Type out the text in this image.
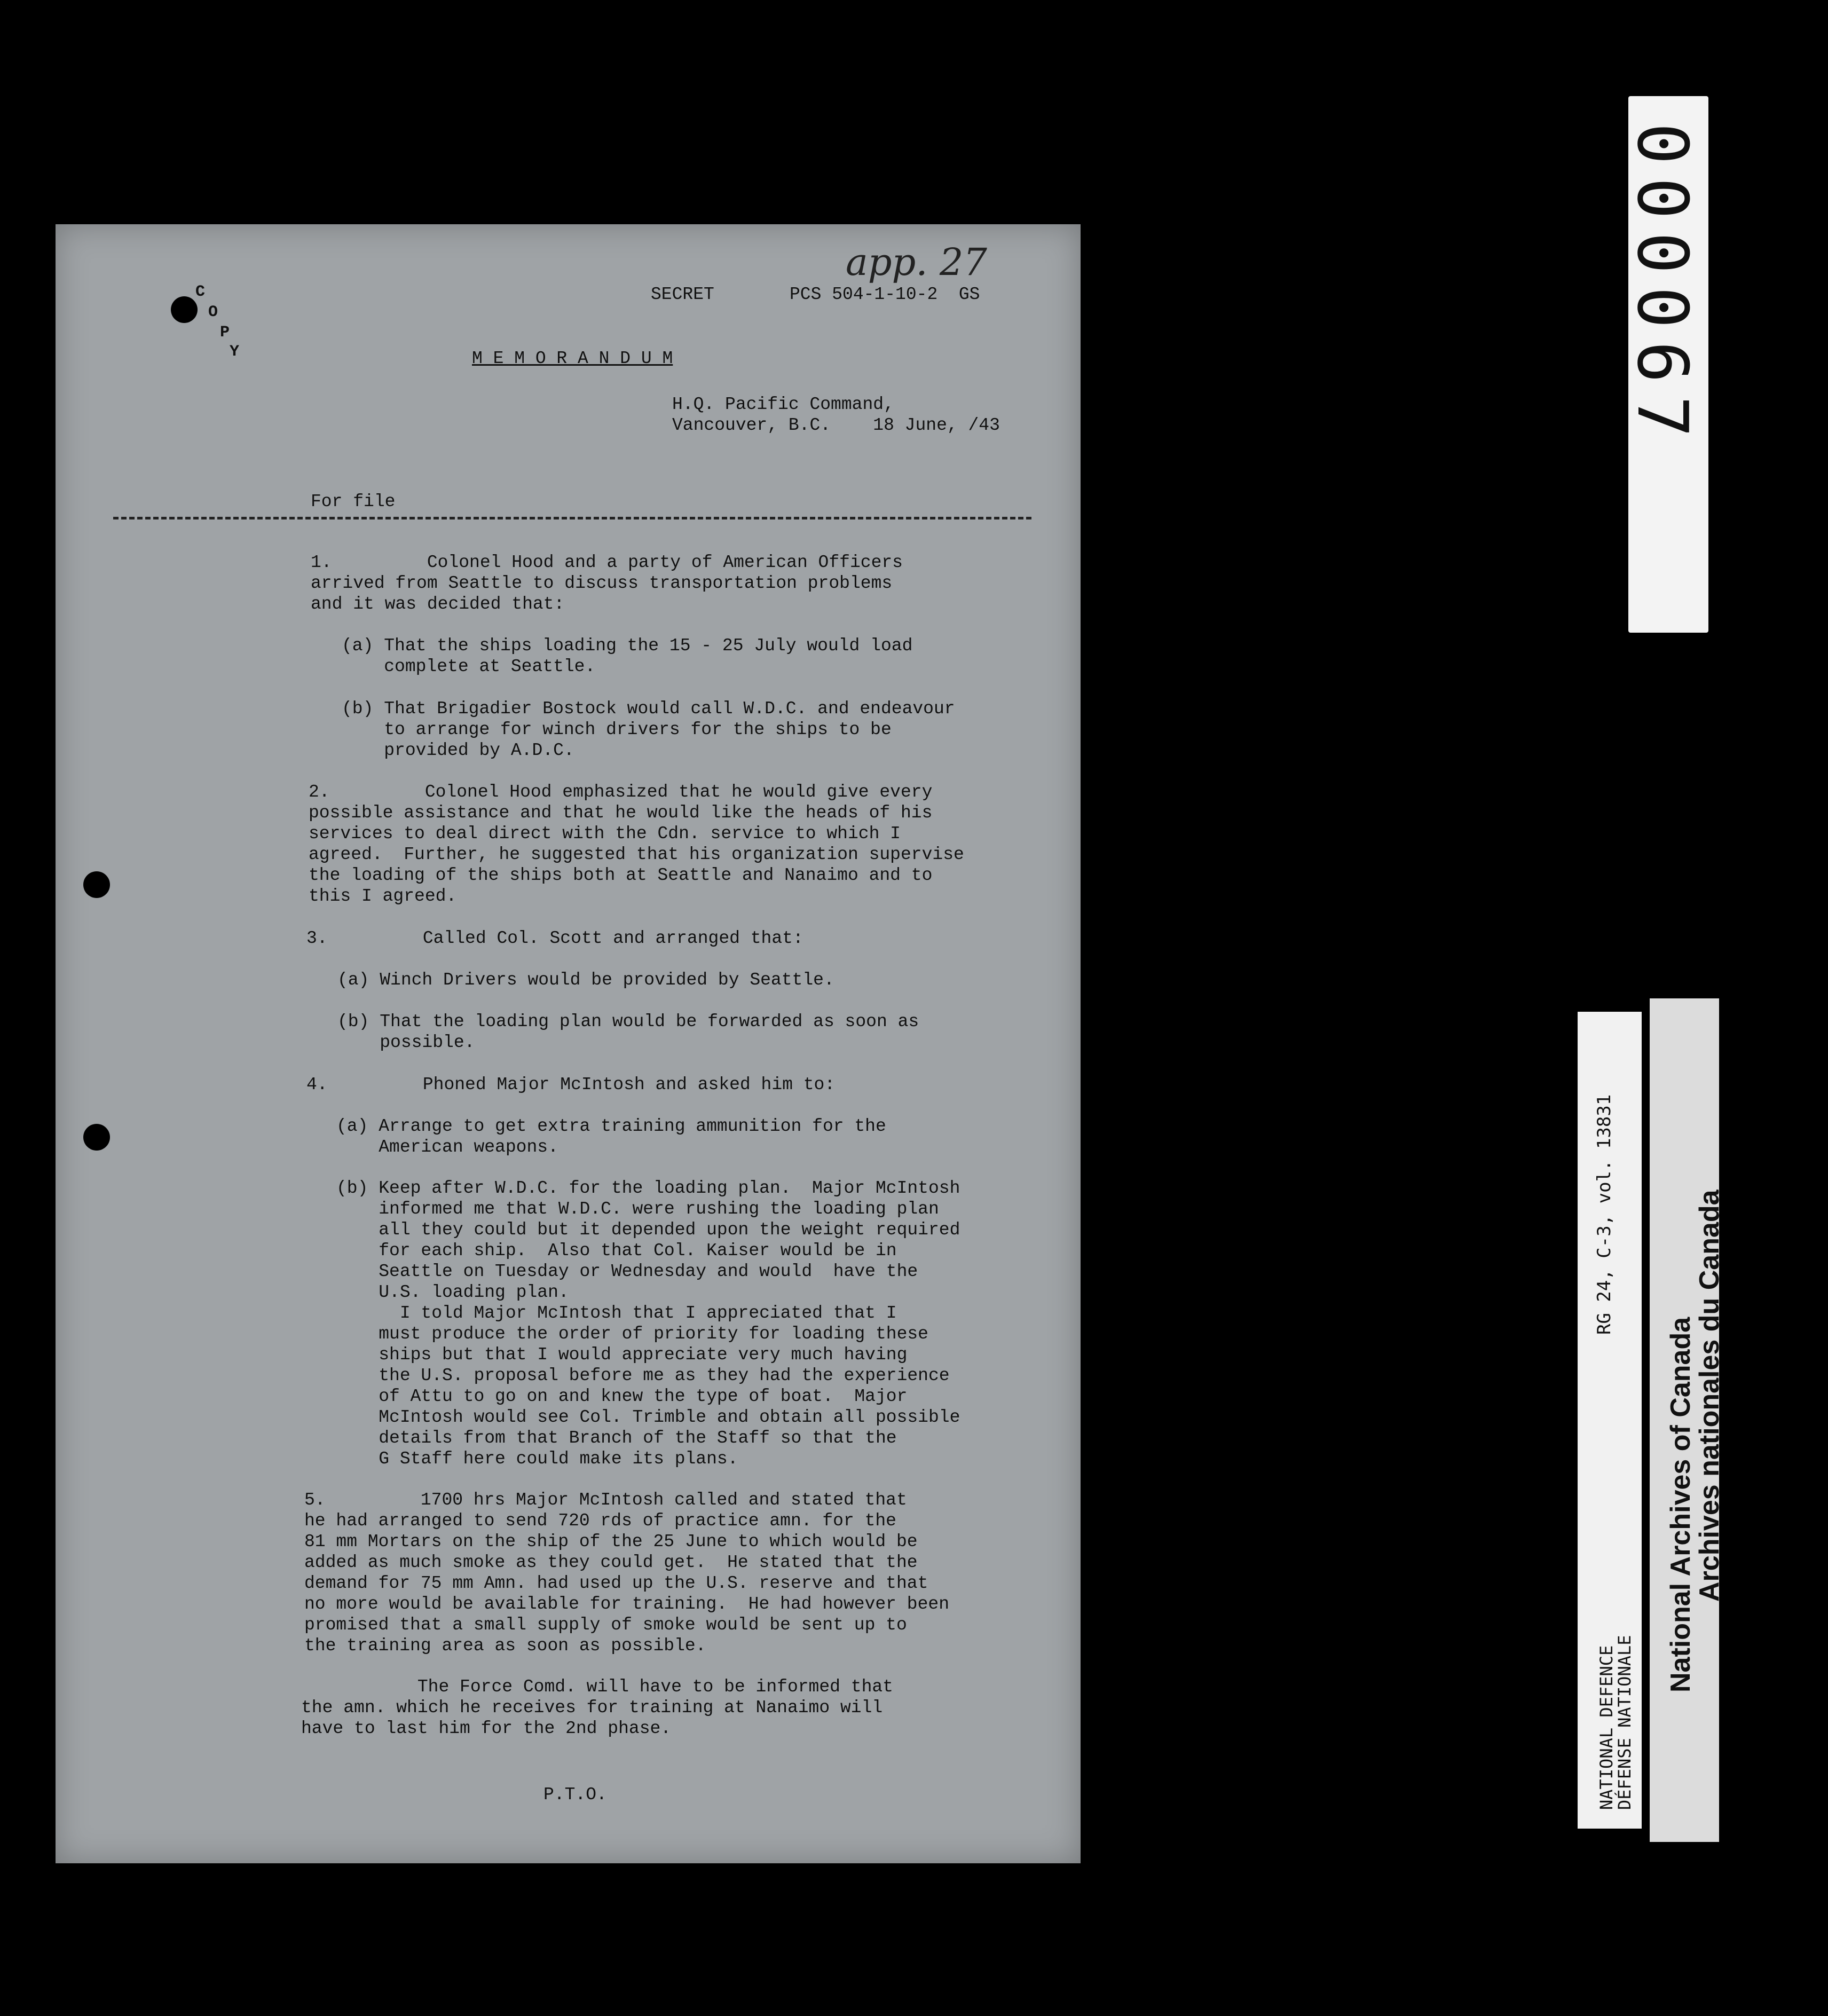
app. 27
C
O
P
Y
SECRET	PCS 504-1-10-2  GS
M E M O R A N D U M
H.Q. Pacific Command,
Vancouver, B.C.    18 June, /43
For file
1.         Colonel Hood and a party of American Officers
arrived from Seattle to discuss transportation problems
and it was decided that:
(a) That the ships loading the 15 - 25 July would load
complete at Seattle.
(b) That Brigadier Bostock would call W.D.C. and endeavour
to arrange for winch drivers for the ships to be
provided by A.D.C.
2.         Colonel Hood emphasized that he would give every
possible assistance and that he would like the heads of his
services to deal direct with the Cdn. service to which I
agreed.  Further, he suggested that his organization supervise
the loading of the ships both at Seattle and Nanaimo and to
this I agreed.
3.         Called Col. Scott and arranged that:
(a) Winch Drivers would be provided by Seattle.
(b) That the loading plan would be forwarded as soon as
possible.
4.         Phoned Major McIntosh and asked him to:
(a) Arrange to get extra training ammunition for the
American weapons.
(b) Keep after W.D.C. for the loading plan.  Major McIntosh
informed me that W.D.C. were rushing the loading plan
all they could but it depended upon the weight required
for each ship.  Also that Col. Kaiser would be in
Seattle on Tuesday or Wednesday and would  have the
U.S. loading plan.
I told Major McIntosh that I appreciated that I
must produce the order of priority for loading these
ships but that I would appreciate very much having
the U.S. proposal before me as they had the experience
of Attu to go on and knew the type of boat.  Major
McIntosh would see Col. Trimble and obtain all possible
details from that Branch of the Staff so that the
G Staff here could make its plans.
5.         1700 hrs Major McIntosh called and stated that
he had arranged to send 720 rds of practice amn. for the
81 mm Mortars on the ship of the 25 June to which would be
added as much smoke as they could get.  He stated that the
demand for 75 mm Amn. had used up the U.S. reserve and that
no more would be available for training.  He had however been
promised that a small supply of smoke would be sent up to
the training area as soon as possible.
The Force Comd. will have to be informed that
the amn. which he receives for training at Nanaimo will
have to last him for the 2nd phase.
P.T.O.
000067
RG 24, C-3, vol. 13831
NATIONAL DEFENCE
DÉFENSE NATIONALE
National Archives of Canada
Archives nationales du Canada
